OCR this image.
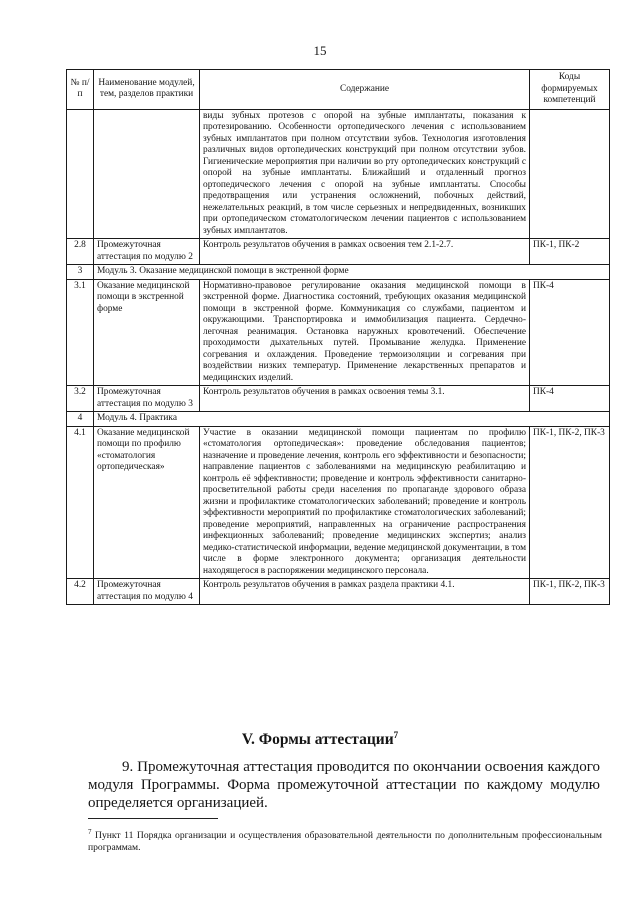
15
№ п/п	Наименование модулей, тем, разделов практики	Содержание	Коды формируемых компетенций
		виды зубных протезов с опорой на зубные имплантаты, показания к протезированию. Особенности ортопедического лечения с использованием зубных имплантатов при полном отсутствии зубов. Технология изготовления различных видов ортопедических конструкций при полном отсутствии зубов. Гигиенические мероприятия при наличии во рту ортопедических конструкций с опорой на зубные имплантаты. Ближайший и отдаленный прогноз ортопедического лечения с опорой на зубные имплантаты. Способы предотвращения или устранения осложнений, побочных действий, нежелательных реакций, в том числе серьезных и непредвиденных, возникших при ортопедическом стоматологическом лечении пациентов с использованием зубных имплантатов.	
2.8	Промежуточная аттестация по модулю 2	Контроль результатов обучения в рамках освоения тем 2.1-2.7.	ПК-1, ПК-2
3	Модуль 3. Оказание медицинской помощи в экстренной форме		
3.1	Оказание медицинской помощи в экстренной форме	Нормативно-правовое регулирование оказания медицинской помощи в экстренной форме. Диагностика состояний, требующих оказания медицинской помощи в экстренной форме. Коммуникация со службами, пациентом и окружающими. Транспортировка и иммобилизация пациента. Сердечно-легочная реанимация. Остановка наружных кровотечений. Обеспечение проходимости дыхательных путей. Промывание желудка. Применение согревания и охлаждения. Проведение термоизоляции и согревания при воздействии низких температур. Применение лекарственных препаратов и медицинских изделий.	ПК-4
3.2	Промежуточная аттестация по модулю 3	Контроль результатов обучения в рамках освоения темы 3.1.	ПК-4
4	Модуль 4. Практика		
4.1	Оказание медицинской помощи по профилю «стоматология ортопедическая»	Участие в оказании медицинской помощи пациентам по профилю «стоматология ортопедическая»: проведение обследования пациентов; назначение и проведение лечения, контроль его эффективности и безопасности; направление пациентов с заболеваниями на медицинскую реабилитацию и контроль её эффективности; проведение и контроль эффективности санитарно-просветительной работы среди населения по пропаганде здорового образа жизни и профилактике стоматологических заболеваний; проведение и контроль эффективности мероприятий по профилактике стоматологических заболеваний; проведение мероприятий, направленных на ограничение распространения инфекционных заболеваний; проведение медицинских экспертиз; анализ медико-статистической информации, ведение медицинской документации, в том числе в форме электронного документа; организация деятельности находящегося в распоряжении медицинского персонала.	ПК-1, ПК-2, ПК-3
4.2	Промежуточная аттестация по модулю 4	Контроль результатов обучения в рамках раздела практики 4.1.	ПК-1, ПК-2, ПК-3
V. Формы аттестации$^7$
9. Промежуточная аттестация проводится по окончании освоения каждого модуля Программы. Форма промежуточной аттестации по каждому модулю определяется организацией.
$^7$ Пункт 11 Порядка организации и осуществления образовательной деятельности по дополнительным профессиональным программам.
